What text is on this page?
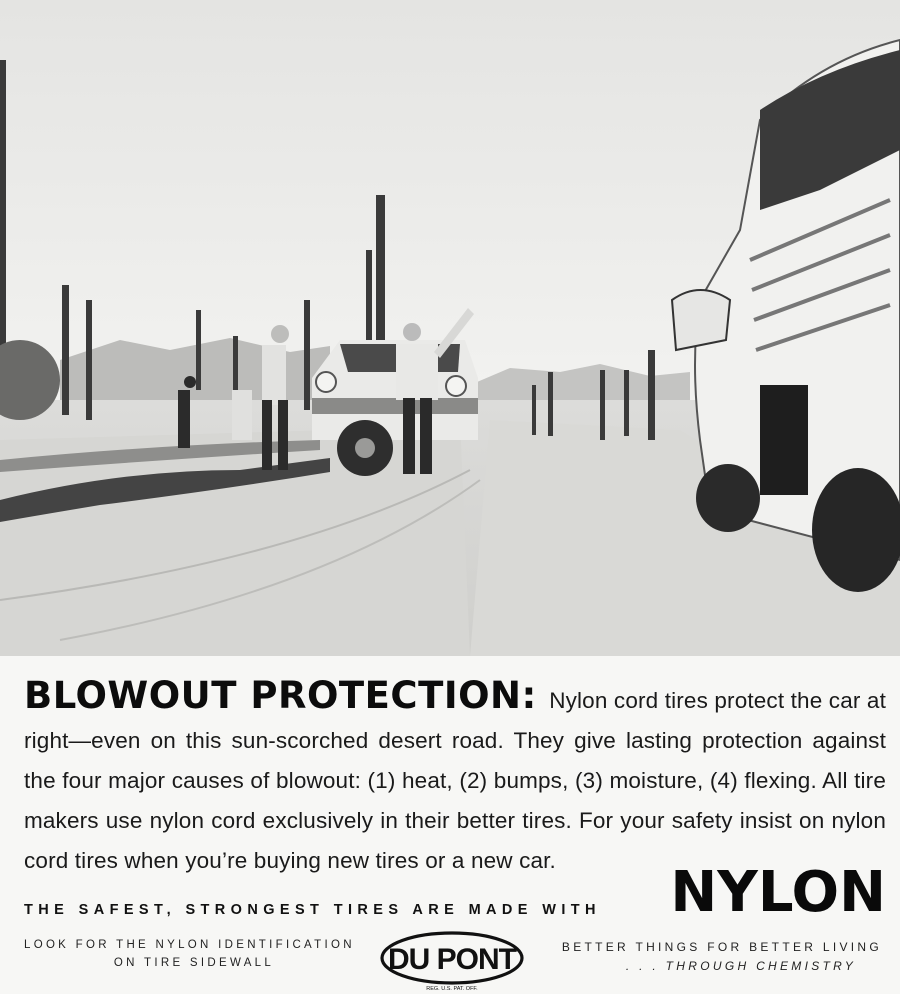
BLOWOUT PROTECTION: Nylon cord tires protect the car at right—even on this sun-scorched desert road. They give lasting protection against the four major causes of blowout: (1) heat, (2) bumps, (3) moisture, (4) flexing. All tire makers use nylon cord exclusively in their better tires. For your safety insist on nylon cord tires when you’re buying new tires or a new car.

THE SAFEST, STRONGEST TIRES ARE MADE WITH NYLON
LOOK FOR THE NYLON IDENTIFICATION
ON TIRE SIDEWALL	DU PONT
REG. U.S. PAT. OFF.
BETTER THINGS FOR BETTER LIVING
. . . THROUGH CHEMISTRY
